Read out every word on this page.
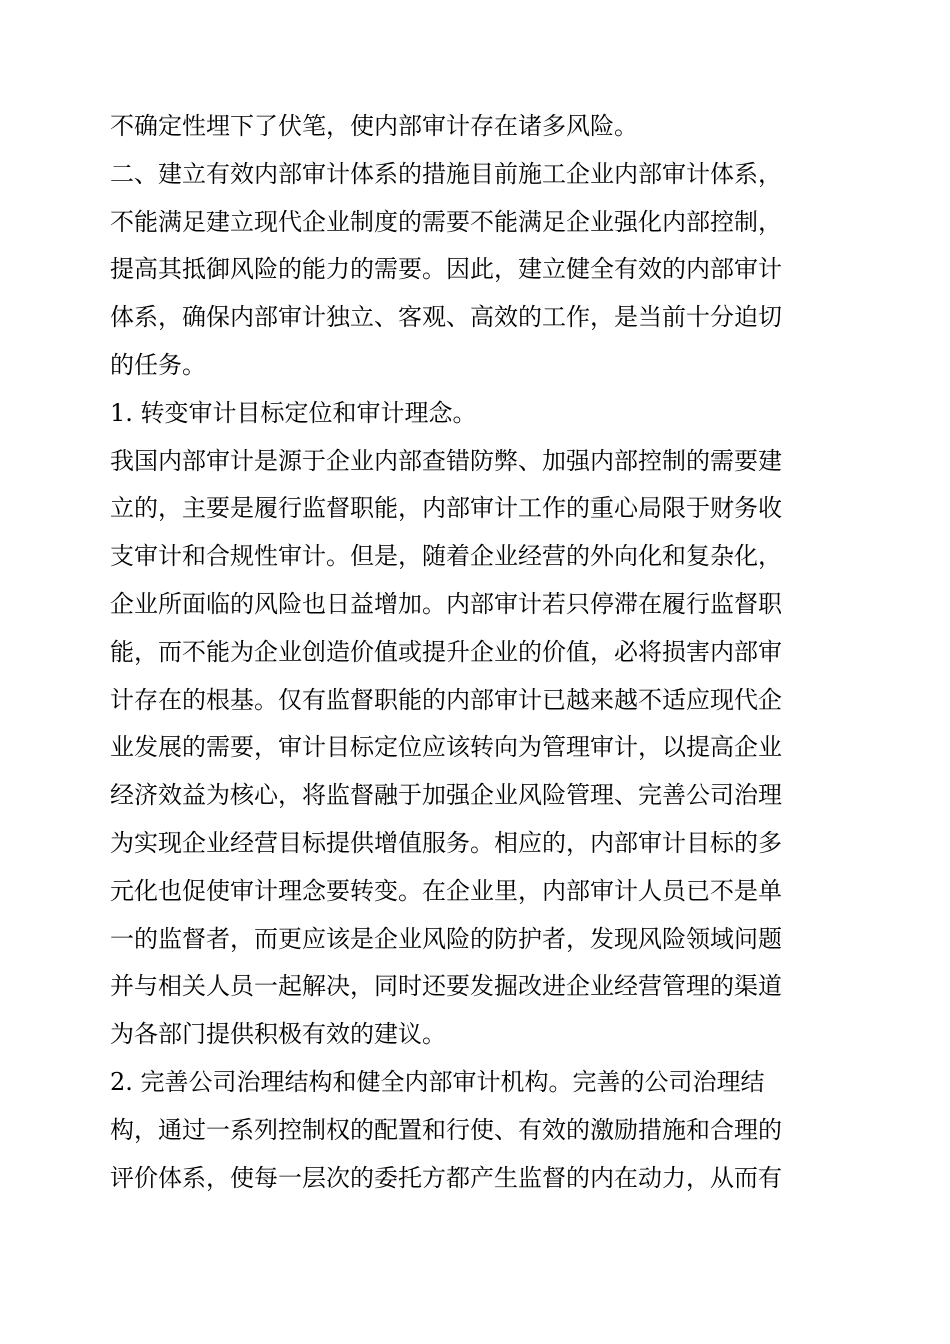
不确定性埋下了伏笔，使内部审计存在诸多风险。
二、建立有效内部审计体系的措施目前施工企业内部审计体系，
不能满足建立现代企业制度的需要不能满足企业强化内部控制，
提高其抵御风险的能力的需要。因此，建立健全有效的内部审计
体系，确保内部审计独立、客观、高效的工作，是当前十分迫切
的任务。
1. 转变审计目标定位和审计理念。
我国内部审计是源于企业内部查错防弊、加强内部控制的需要建
立的，主要是履行监督职能，内部审计工作的重心局限于财务收
支审计和合规性审计。但是，随着企业经营的外向化和复杂化，
企业所面临的风险也日益增加。内部审计若只停滞在履行监督职
能，而不能为企业创造价值或提升企业的价值，必将损害内部审
计存在的根基。仅有监督职能的内部审计已越来越不适应现代企
业发展的需要，审计目标定位应该转向为管理审计，以提高企业
经济效益为核心，将监督融于加强企业风险管理、完善公司治理
为实现企业经营目标提供增值服务。相应的，内部审计目标的多
元化也促使审计理念要转变。在企业里，内部审计人员已不是单
一的监督者，而更应该是企业风险的防护者，发现风险领域问题
并与相关人员一起解决，同时还要发掘改进企业经营管理的渠道
为各部门提供积极有效的建议。
2. 完善公司治理结构和健全内部审计机构。完善的公司治理结
构，通过一系列控制权的配置和行使、有效的激励措施和合理的
评价体系，使每一层次的委托方都产生监督的内在动力，从而有
